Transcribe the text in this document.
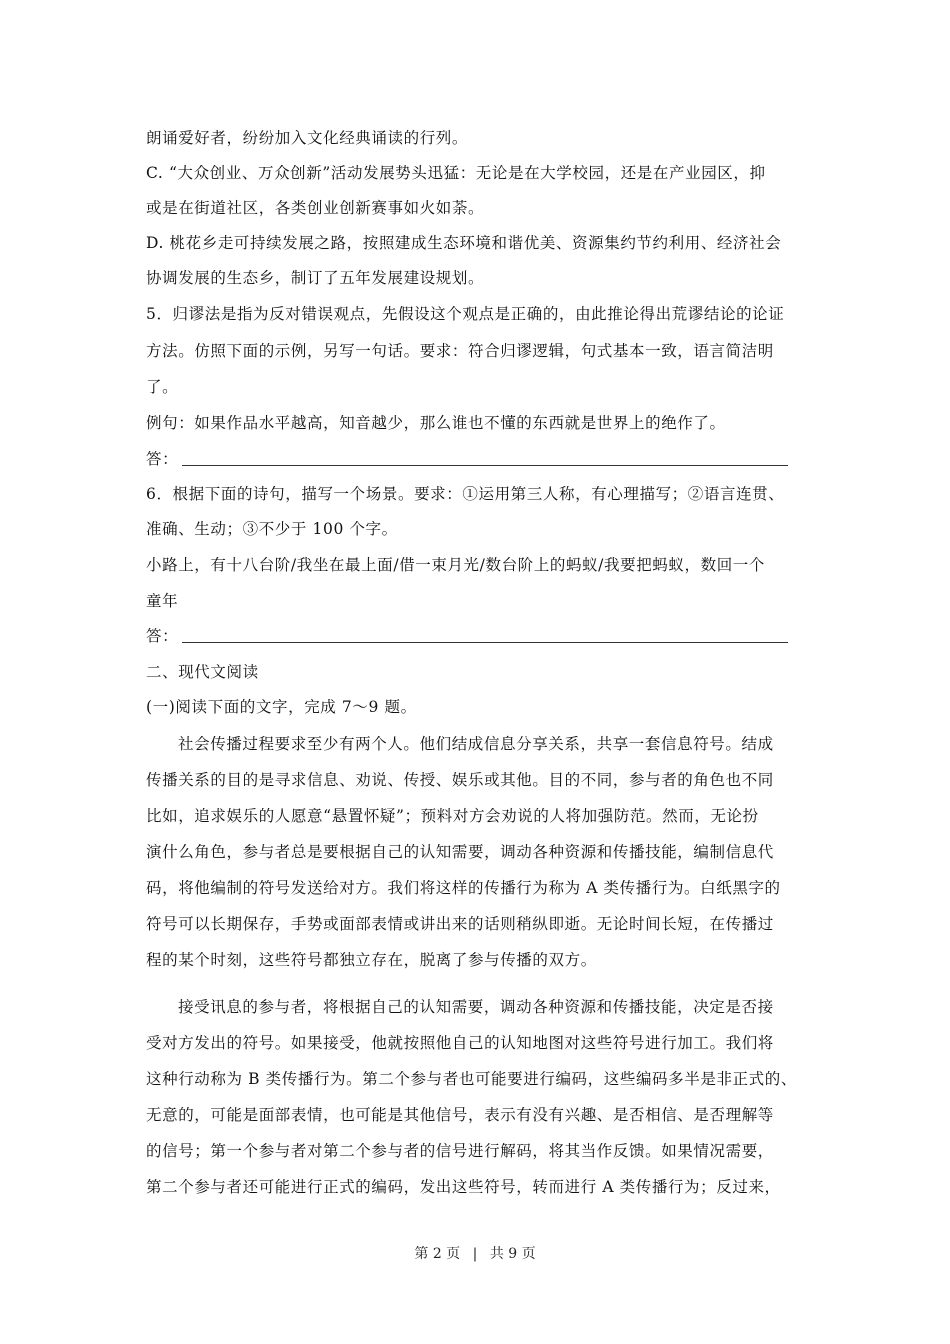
朗诵爱好者，纷纷加入文化经典诵读的行列。
C. “大众创业、万众创新”活动发展势头迅猛：无论是在大学校园，还是在产业园区，抑
或是在街道社区，各类创业创新赛事如火如荼。
D. 桃花乡走可持续发展之路，按照建成生态环境和谐优美、资源集约节约利用、经济社会
协调发展的生态乡，制订了五年发展建设规划。
5．归谬法是指为反对错误观点，先假设这个观点是正确的，由此推论得出荒谬结论的论证
方法。仿照下面的示例，另写一句话。要求：符合归谬逻辑，句式基本一致，语言简洁明
了。
例句：如果作品水平越高，知音越少，那么谁也不懂的东西就是世界上的绝作了。
答：
6．根据下面的诗句，描写一个场景。要求：①运用第三人称，有心理描写；②语言连贯、
准确、生动；③不少于 100 个字。
小路上，有十八台阶/我坐在最上面/借一束月光/数台阶上的蚂蚁/我要把蚂蚁，数回一个
童年
答：
二、现代文阅读
(一)阅读下面的文字，完成 7～9 题。
社会传播过程要求至少有两个人。他们结成信息分享关系，共享一套信息符号。结成
传播关系的目的是寻求信息、劝说、传授、娱乐或其他。目的不同，参与者的角色也不同
比如，追求娱乐的人愿意“悬置怀疑”；预料对方会劝说的人将加强防范。然而，无论扮
演什么角色，参与者总是要根据自己的认知需要，调动各种资源和传播技能，编制信息代
码，将他编制的符号发送给对方。我们将这样的传播行为称为 A 类传播行为。白纸黑字的
符号可以长期保存，手势或面部表情或讲出来的话则稍纵即逝。无论时间长短，在传播过
程的某个时刻，这些符号都独立存在，脱离了参与传播的双方。
接受讯息的参与者，将根据自己的认知需要，调动各种资源和传播技能，决定是否接
受对方发出的符号。如果接受，他就按照他自己的认知地图对这些符号进行加工。我们将
这种行动称为 B 类传播行为。第二个参与者也可能要进行编码，这些编码多半是非正式的、
无意的，可能是面部表情，也可能是其他信号，表示有没有兴趣、是否相信、是否理解等
的信号；第一个参与者对第二个参与者的信号进行解码，将其当作反馈。如果情况需要，
第二个参与者还可能进行正式的编码，发出这些符号，转而进行 A 类传播行为；反过来，
第 2 页 | 共 9 页
